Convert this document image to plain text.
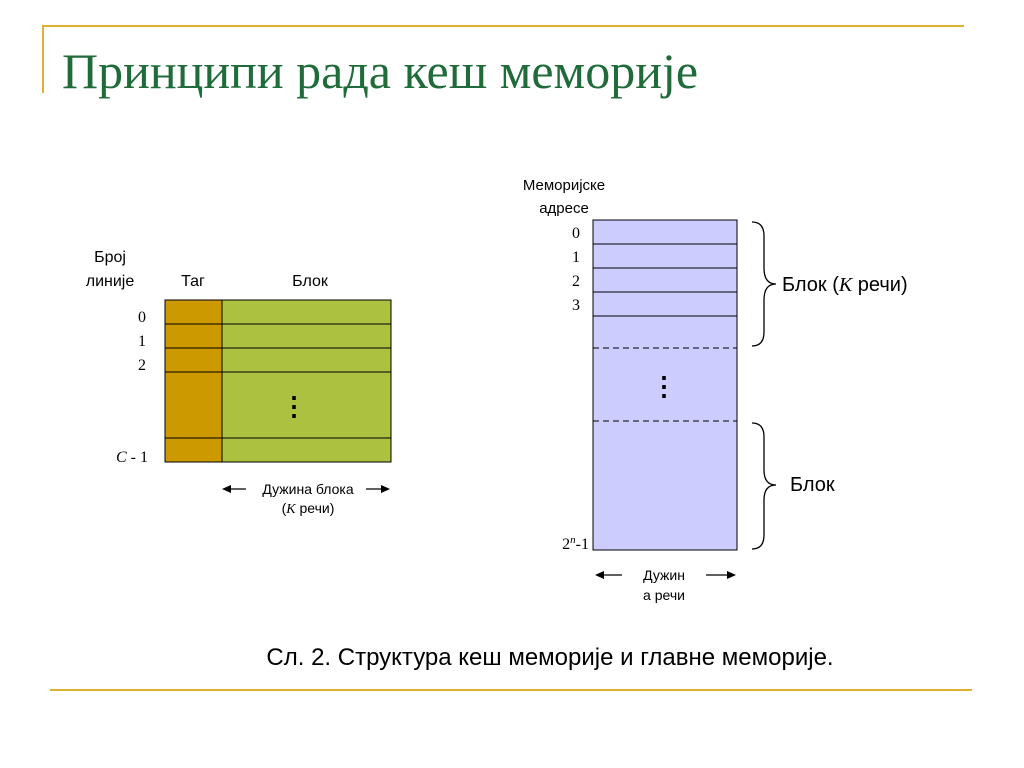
Принципи рада кеш меморије
Број
линије	Таг	Блок
⋮
0
1
2
C - 1
Дужина блока
(K речи)
Меморијске
адресе
⋮
0
1
2
3
2$^n$-1
Блок (K речи)
Блок
Дужин
а речи
Сл. 2. Структура кеш меморије и главне меморије.
